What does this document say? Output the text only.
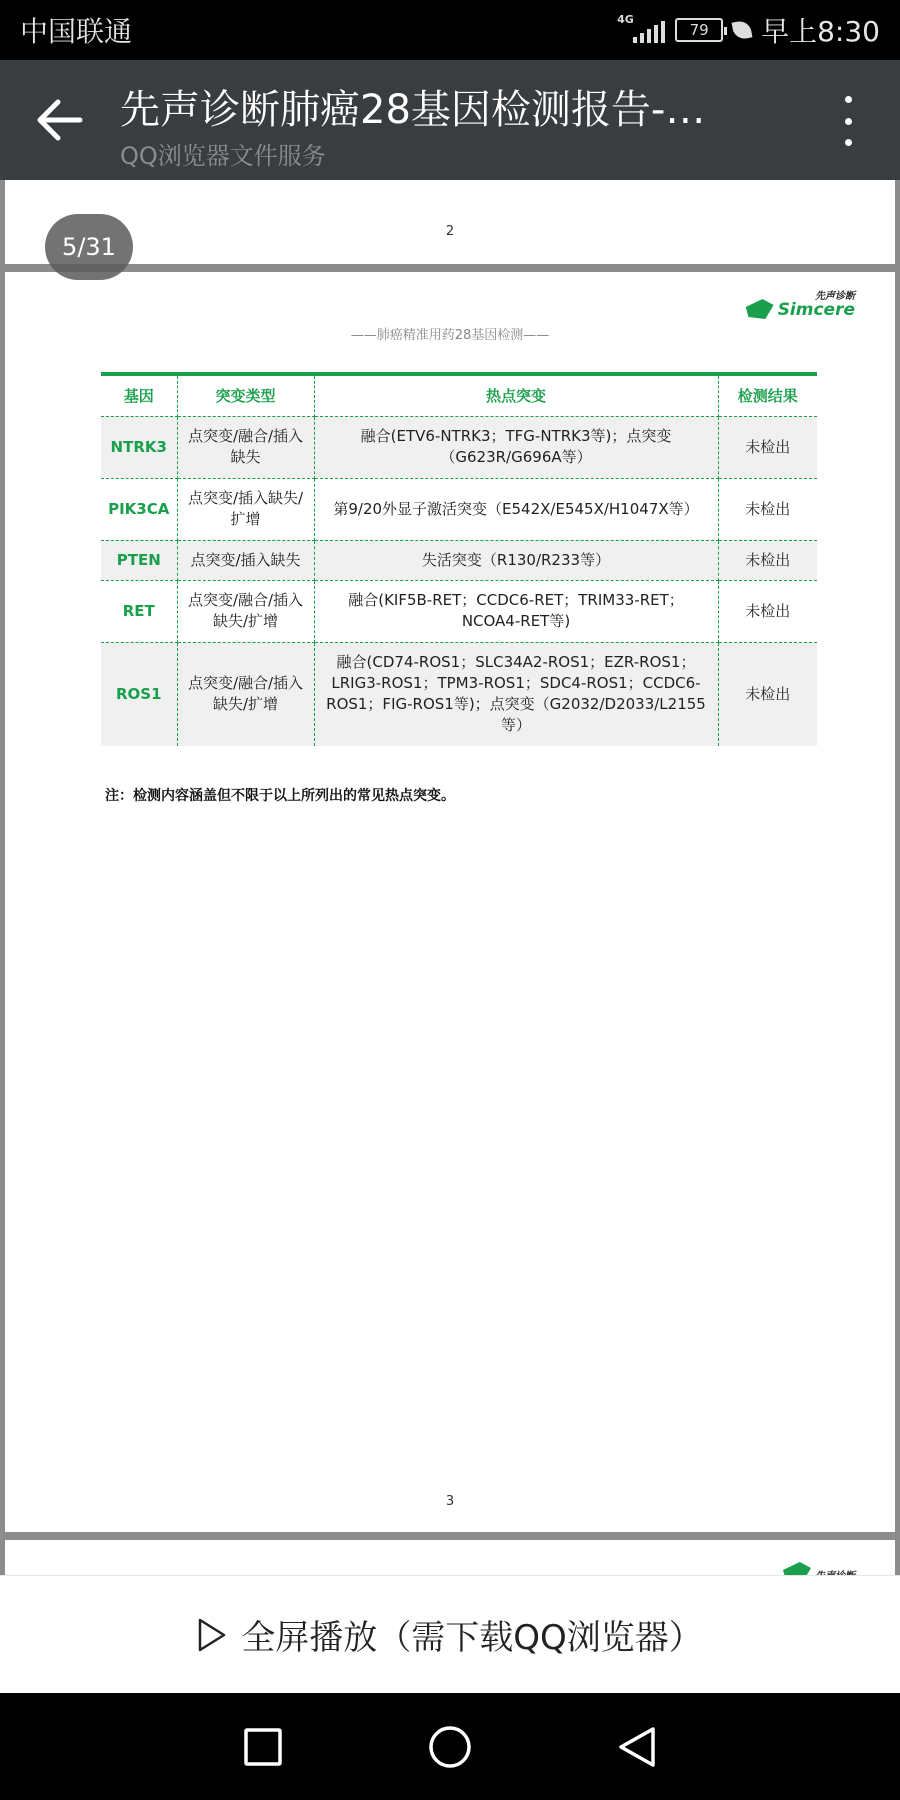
中国联通	4G
79 早上8:30
先声诊断肺癌28基因检测报告-…
QQ浏览器文件服务
5/31
2
先声诊断
Simcere
——肺癌精准用药28基因检测——
基因	突变类型	热点突变	检测结果
NTRK3	点突变/融合/插入缺失	融合(ETV6-NTRK3；TFG-NTRK3等)；点突变（G623R/G696A等）	未检出
PIK3CA	点突变/插入缺失/扩增	第9/20外显子激活突变（E542X/E545X/H1047X等）	未检出
PTEN	点突变/插入缺失	失活突变（R130/R233等）	未检出
RET	点突变/融合/插入缺失/扩增	融合(KIF5B-RET；CCDC6-RET；TRIM33-RET；NCOA4-RET等)	未检出
ROS1	点突变/融合/插入缺失/扩增	融合(CD74-ROS1；SLC34A2-ROS1；EZR-ROS1；LRIG3-ROS1；TPM3-ROS1；SDC4-ROS1；CCDC6-ROS1；FIG-ROS1等)；点突变（G2032/D2033/L2155等）	未检出
注：检测内容涵盖但不限于以上所列出的常见热点突变。
3
全屏播放（需下载QQ浏览器）
